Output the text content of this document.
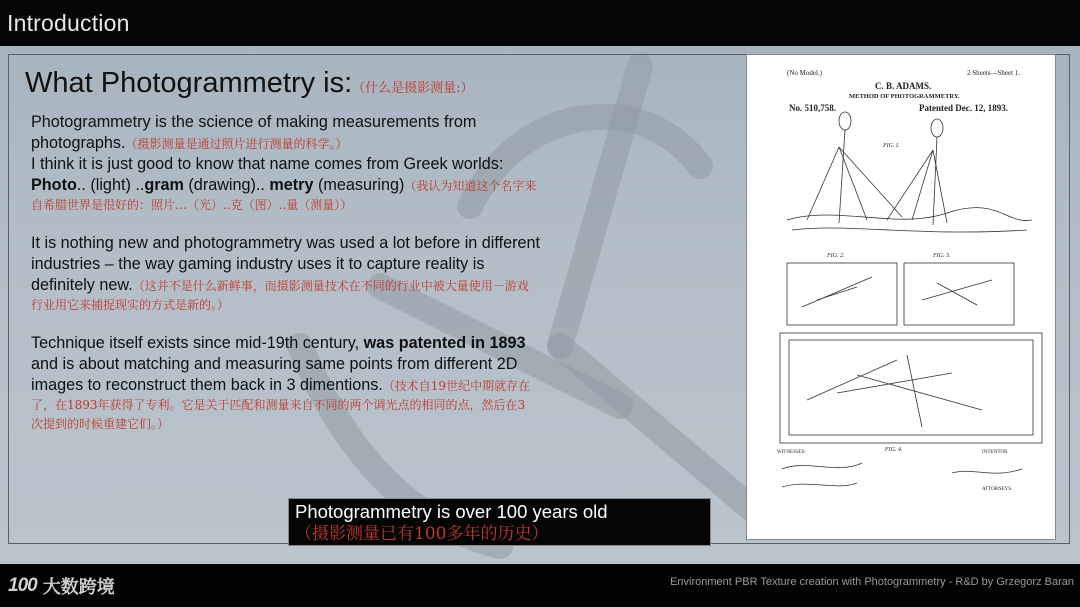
Introduction
What Photogrammetry is:（什么是摄影测量:）

Photogrammetry is the science of making measurements from

photographs.（摄影测量是通过照片进行测量的科学。）

I think it is just good to know that name comes from Greek worlds:

Photo.. (light) ..gram (drawing).. metry (measuring)（我认为知道这个名字来

自希腊世界是很好的：照片…（光）..克（图）..量（测量））

It is nothing new and photogrammetry was used a lot before in different

industries – the way gaming industry uses it to capture reality is

definitely new.（这并不是什么新鲜事，而摄影测量技术在不同的行业中被大量使用－游戏

行业用它来捕捉现实的方式是新的。）

Technique itself exists since mid-19th century, was patented in 1893

and is about matching and measuring same points from different 2D

images to reconstruct them back in 3 dimentions.（技术自19世纪中期就存在

了，在1893年获得了专利。它是关于匹配和测量来自不同的两个调光点的相同的点，然后在3

次提到的时候重建它们。）

(No Model.)	2 Sheets—Sheet 1.
C. B. ADAMS.
METHOD OF PHOTOGRAMMETRY.
No. 510,758.	Patented Dec. 12, 1893.
FIG. I.
FIG. 2.	FIG. 3.
FIG. 4.
WITNESSES:	INVENTOR
ATTORNEYS.
Photogrammetry is over 100 years old
（摄影测量已有100多年的历史）
100 大数跨境	Environment PBR Texture creation with Photogrammetry - R&D by Grzegorz Baran
